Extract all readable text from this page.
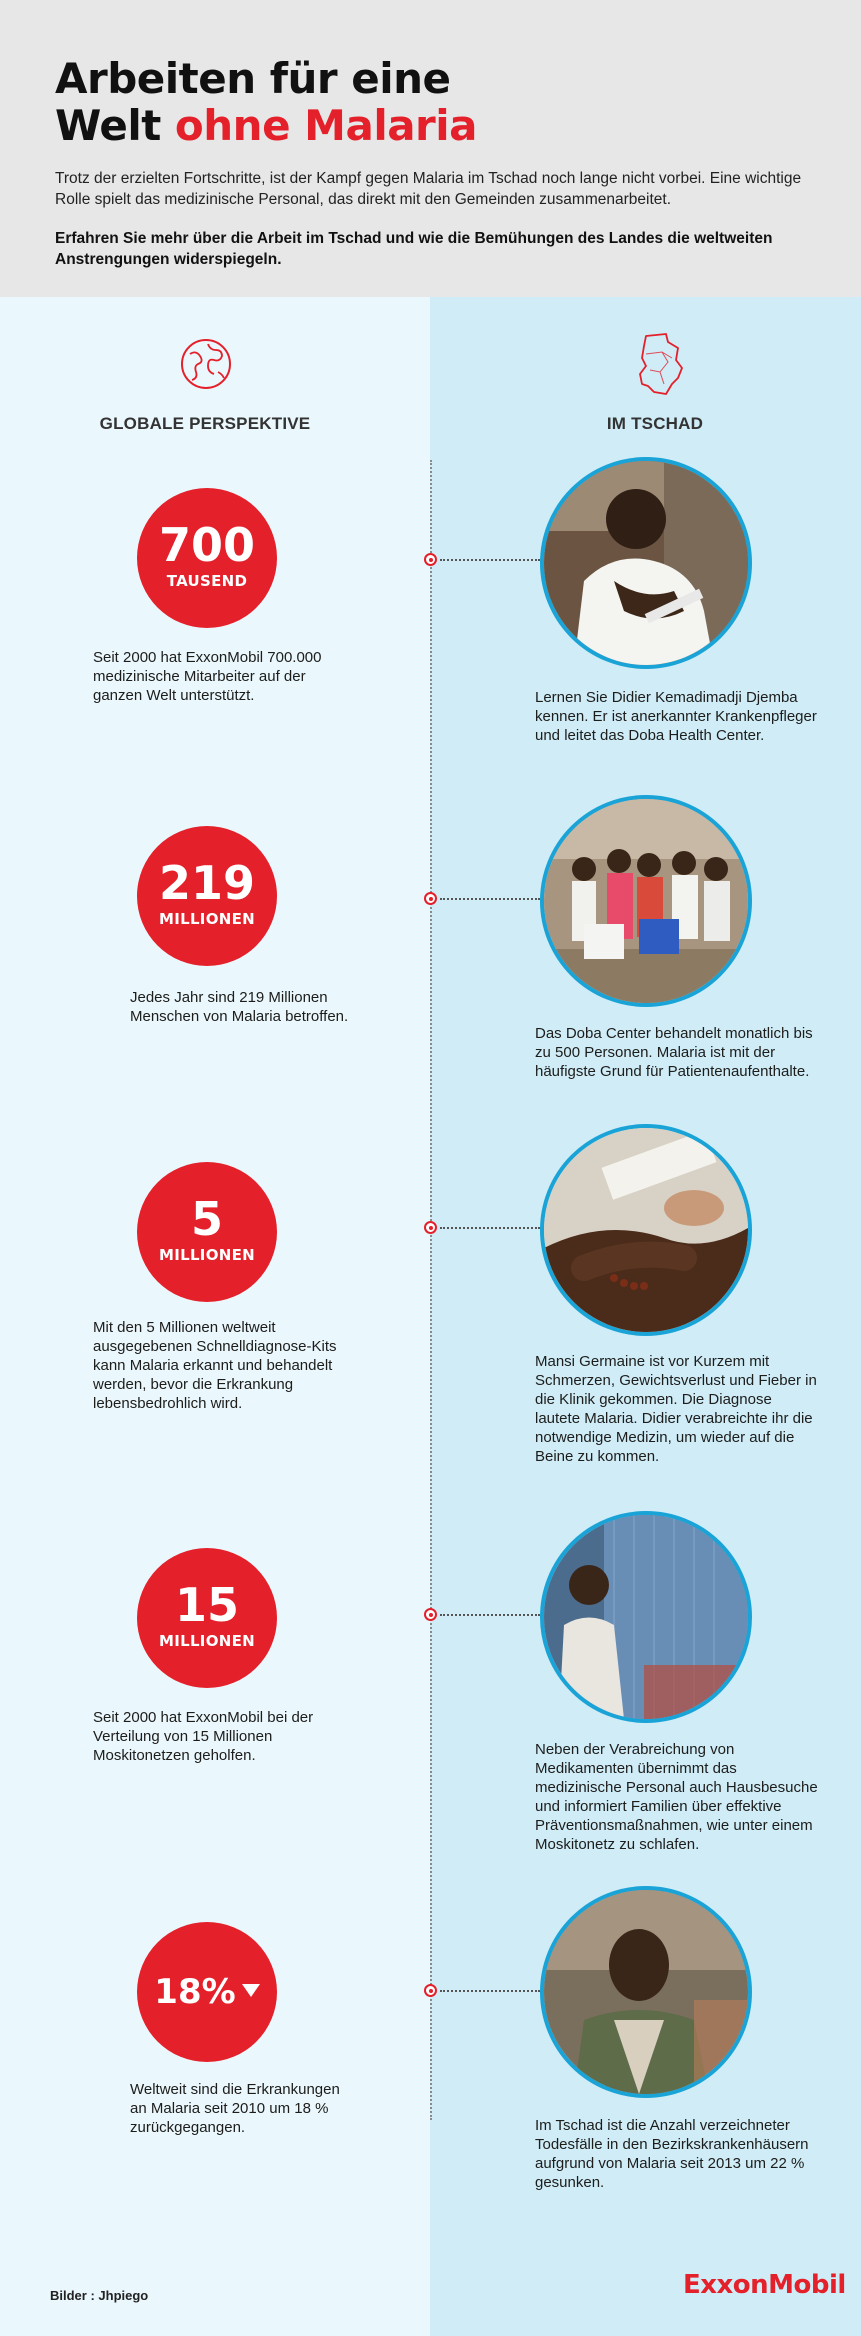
Arbeiten für eine
Welt ohne Malaria
Trotz der erzielten Fortschritte, ist der Kampf gegen Malaria im Tschad noch lange nicht vorbei. Eine wichtige Rolle spielt das medizinische Personal, das direkt mit den Gemeinden zusammenarbeitet.
Erfahren Sie mehr über die Arbeit im Tschad und wie die Bemühungen des Landes die weltweiten Anstrengungen widerspiegeln.
GLOBALE PERSPEKTIVE	IM TSCHAD
700
TAUSEND
Seit 2000 hat ExxonMobil 700.000 medizinische Mitarbeiter auf der ganzen Welt unterstützt.	Lernen Sie Didier Kemadimadji Djemba kennen. Er ist anerkannter Krankenpfleger und leitet das Doba Health Center.
219
MILLIONEN
Jedes Jahr sind 219 Millionen Menschen von Malaria betroffen.
Das Doba Center behandelt monatlich bis zu 500 Personen. Malaria ist mit der häufigste Grund für Patientenaufenthalte.
5
MILLIONEN
Mit den 5 Millionen weltweit ausgegebenen Schnelldiagnose-Kits kann Malaria erkannt und behandelt werden, bevor die Erkrankung lebensbedrohlich wird.
Mansi Germaine ist vor Kurzem mit Schmerzen, Gewichtsverlust und Fieber in die Klinik gekommen. Die Diagnose lautete Malaria. Didier verabreichte ihr die notwendige Medizin, um wieder auf die Beine zu kommen.
15
MILLIONEN
Seit 2000 hat ExxonMobil bei der Verteilung von 15 Millionen Moskitonetzen geholfen.	Neben der Verabreichung von Medikamenten übernimmt das medizinische Personal auch Hausbesuche und informiert Familien über effektive Präventionsmaßnahmen, wie unter einem Moskitonetz zu schlafen.
18%
Weltweit sind die Erkrankungen an Malaria seit 2010 um 18 % zurückgegangen.	Im Tschad ist die Anzahl verzeichneter Todesfälle in den Bezirkskrankenhäusern aufgrund von Malaria seit 2013 um 22 % gesunken.
Bilder : Jhpiego	ExxonMobil
